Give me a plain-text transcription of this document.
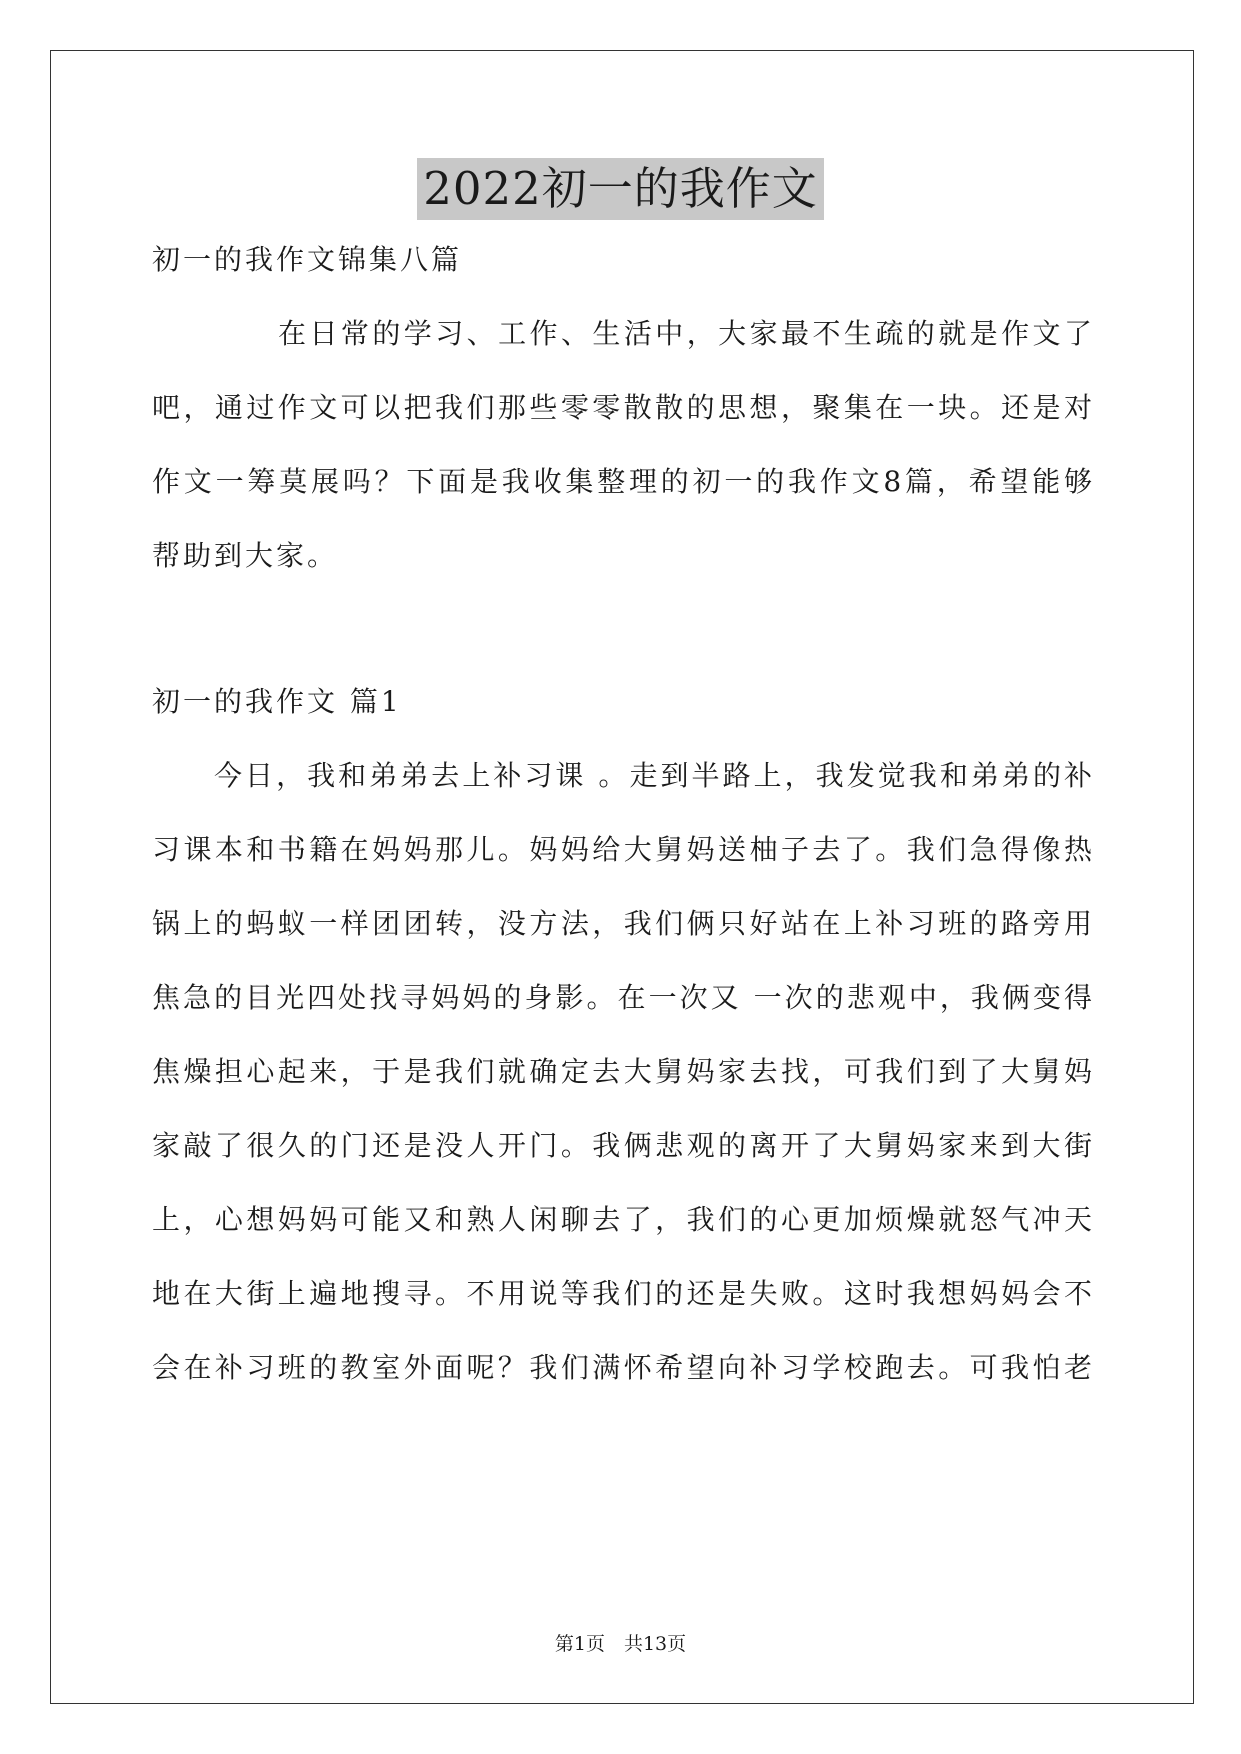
2022初一的我作文

初一的我作文锦集八篇

在日常的学习、工作、生活中，大家最不生疏的就是作文了

吧，通过作文可以把我们那些零零散散的思想，聚集在一块。还是对

作文一筹莫展吗？下面是我收集整理的初一的我作文8篇，希望能够

帮助到大家。

初一的我作文 篇1

今日，我和弟弟去上补习课 。走到半路上，我发觉我和弟弟的补

习课本和书籍在妈妈那儿。妈妈给大舅妈送柚子去了。我们急得像热

锅上的蚂蚁一样团团转，没方法，我们俩只好站在上补习班的路旁用

焦急的目光四处找寻妈妈的身影。在一次又 一次的悲观中，我俩变得

焦燥担心起来，于是我们就确定去大舅妈家去找，可我们到了大舅妈

家敲了很久的门还是没人开门。我俩悲观的离开了大舅妈家来到大街

上，心想妈妈可能又和熟人闲聊去了，我们的心更加烦燥就怒气冲天

地在大街上遍地搜寻。不用说等我们的还是失败。这时我想妈妈会不

会在补习班的教室外面呢？我们满怀希望向补习学校跑去。可我怕老

第1页　共13页
